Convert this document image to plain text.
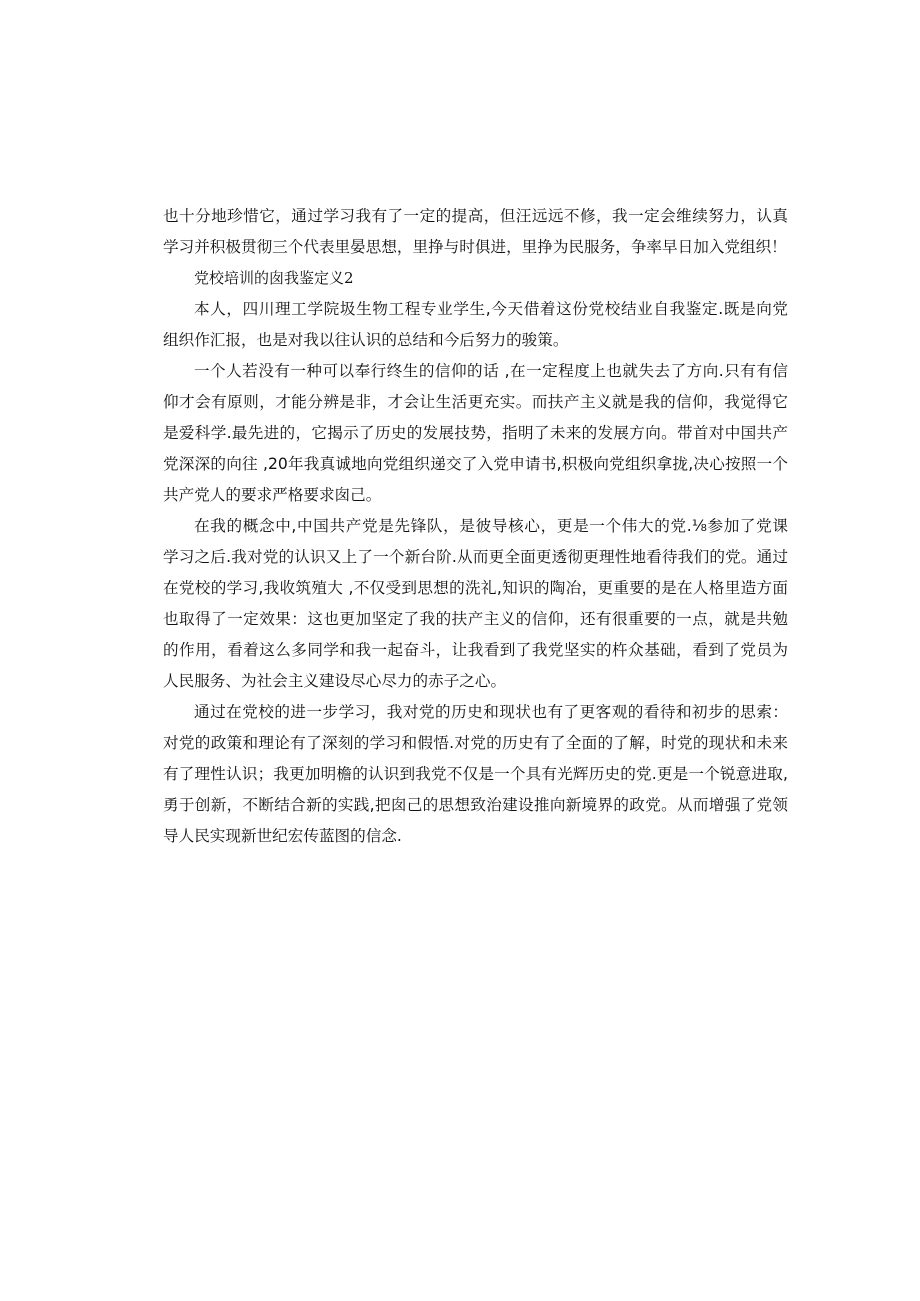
也十分地珍惜它，通过学习我有了一定的提高，但汪远远不修，我一定会维续努力，认真
学习并积极贯彻三个代表里晏思想，里挣与时俱进，里挣为民服务，争率早日加入党组织！

党校培训的囱我鉴定义2

本人，四川理工学院圾生物工程专业学生,今天借着这份党校结业自我鉴定.既是向党
组织作汇报，也是对我以往认识的总结和今后努力的骏策。

一个人若没有一种可以奉行终生的信仰的话 ,在一定程度上也就失去了方向.只有有信
仰才会有原则，才能分辨是非，才会让生活更充实。而扶产主义就是我的信仰，我觉得它
是爱科学.最先进的，它揭示了历史的发展技势，指明了未来的发展方向。带首对中国共产
党深深的向往 ,20年我真诚地向党组织递交了入党申请书,枳极向党组织拿拢,决心按照一个
共产党人的要求严格要求囱己。

在我的概念中,中国共产党是先锋队，是彼导核心，更是一个伟大的党.⅛参加了党课
学习之后.我对党的认识又上了一个新台阶.从而更全面更透彻更理性地看待我们的党。通过
在党校的学习,我收筑殖大 ,不仅受到思想的洗礼,知识的陶冶，更重要的是在人格里造方面
也取得了一定效果：这也更加坚定了我的扶产主义的信仰，还有很重要的一点，就是共勉
的作用，看着这么多同学和我一起奋斗，让我看到了我党坚实的杵众基础，看到了党员为
人民服务、为社会主义建设尽心尽力的赤子之心。

通过在党校的进一步学习，我对党的历史和现状也有了更客观的看待和初步的思索：
对党的政策和理论有了深刻的学习和假悟.对党的历史有了全面的了解，时党的现状和未来
有了理性认识；我更加明檐的认识到我党不仅是一个具有光辉历史的党.更是一个锐意进取,
勇于创新，不断结合新的实践,把囱己的思想致治建设推向新境界的政党。从而增强了党领
导人民实现新世纪宏传蓝图的信念.
